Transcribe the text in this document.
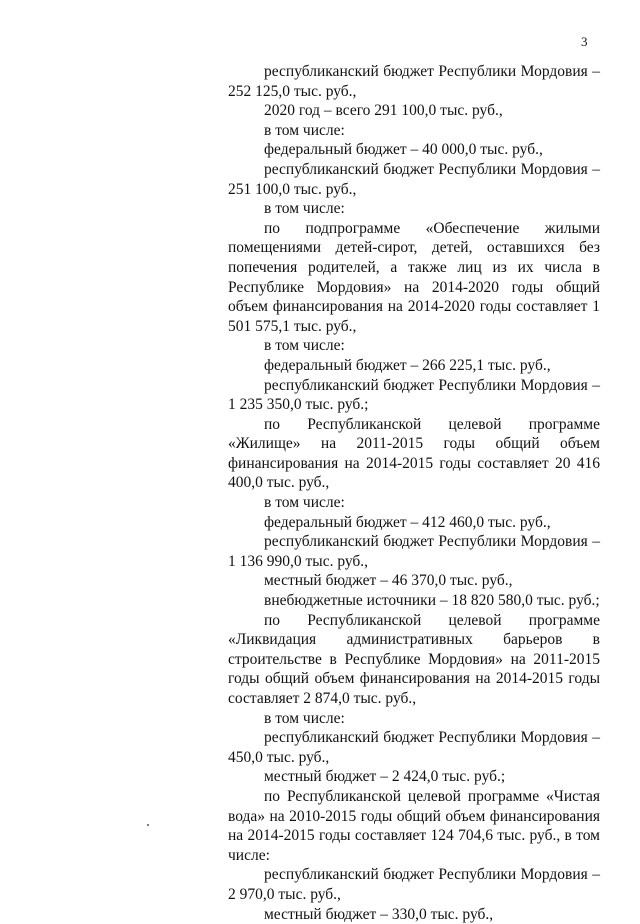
3

республиканский бюджет Республики Мордовия – 252 125,0 тыс. руб.,

2020 год – всего 291 100,0 тыс. руб.,

в том числе:

федеральный бюджет – 40 000,0 тыс. руб.,

республиканский бюджет Республики Мордовия – 251 100,0 тыс. руб.,

в том числе:

по подпрограмме «Обеспечение жилыми помещениями детей-сирот, детей, оставшихся без попечения родителей, а также лиц из их числа в Республике Мордовия» на 2014-2020 годы общий объем финансирования на 2014-2020 годы составляет 1 501 575,1 тыс. руб.,

в том числе:

федеральный бюджет – 266 225,1 тыс. руб.,

республиканский бюджет Республики Мордовия – 1 235 350,0 тыс. руб.;

по Республиканской целевой программе «Жилище» на 2011-2015 годы общий объем финансирования на 2014-2015 годы составляет 20 416 400,0 тыс. руб.,

в том числе:

федеральный бюджет – 412 460,0 тыс. руб.,

республиканский бюджет Республики Мордовия – 1 136 990,0 тыс. руб.,

местный бюджет – 46 370,0 тыс. руб.,

внебюджетные источники – 18 820 580,0 тыс. руб.;

по Республиканской целевой программе «Ликвидация административных барьеров в строительстве в Республике Мордовия» на 2011-2015 годы общий объем финансирования на 2014-2015 годы составляет 2 874,0 тыс. руб.,

в том числе:

республиканский бюджет Республики Мордовия – 450,0 тыс. руб.,

местный бюджет – 2 424,0 тыс. руб.;

по Республиканской целевой программе «Чистая вода» на 2010-2015 годы общий объем финансирования на 2014-2015 годы составляет 124 704,6 тыс. руб., в том числе:

республиканский бюджет Республики Мордовия – 2 970,0 тыс. руб.,

местный бюджет – 330,0 тыс. руб.,
